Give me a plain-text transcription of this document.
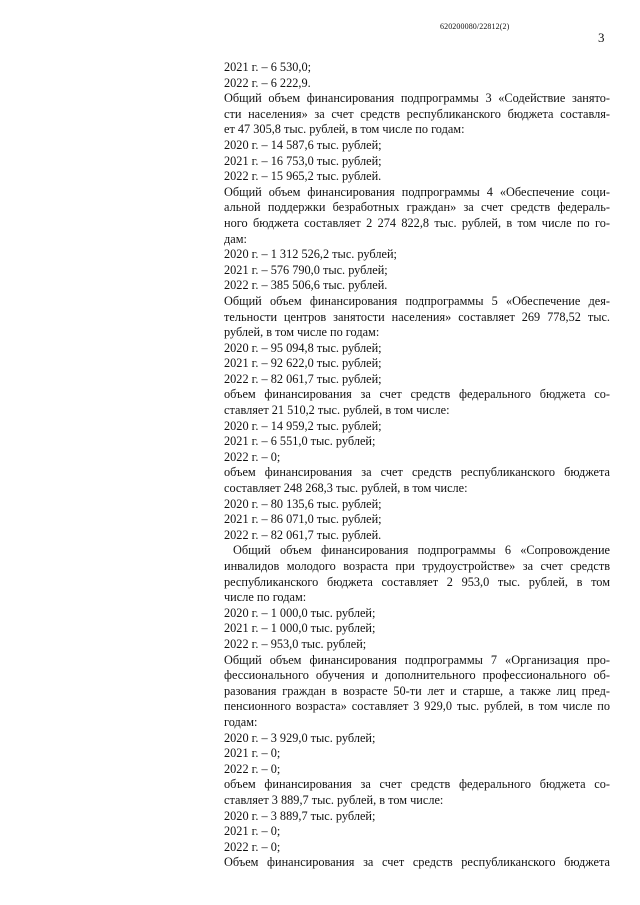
620200080/22812(2)
3
2021 г. – 6 530,0;
2022 г. – 6 222,9.
Общий объем финансирования подпрограммы 3 «Содействие занято-
сти населения» за счет средств республиканского бюджета составля-
ет 47 305,8 тыс. рублей, в том числе по годам:
2020 г. – 14 587,6 тыс. рублей;
2021 г. – 16 753,0 тыс. рублей;
2022 г. – 15 965,2 тыс. рублей.
Общий объем финансирования подпрограммы 4 «Обеспечение соци-
альной поддержки безработных граждан» за счет средств федераль-
ного бюджета составляет 2 274 822,8 тыс. рублей, в том числе по го-
дам:
2020 г. – 1 312 526,2 тыс. рублей;
2021 г. – 576 790,0 тыс. рублей;
2022 г. – 385 506,6 тыс. рублей.
Общий объем финансирования подпрограммы 5 «Обеспечение дея-
тельности центров занятости населения» составляет 269 778,52 тыс.
рублей, в том числе по годам:
2020 г. – 95 094,8 тыс. рублей;
2021 г. – 92 622,0 тыс. рублей;
2022 г. – 82 061,7 тыс. рублей;
объем финансирования за счет средств федерального бюджета со-
ставляет 21 510,2 тыс. рублей, в том числе:
2020 г. – 14 959,2 тыс. рублей;
2021 г. – 6 551,0 тыс. рублей;
2022 г. – 0;
объем финансирования за счет средств республиканского бюджета
составляет 248 268,3 тыс. рублей, в том числе:
2020 г. – 80 135,6 тыс. рублей;
2021 г. – 86 071,0 тыс. рублей;
2022 г. – 82 061,7 тыс. рублей.
Общий объем финансирования подпрограммы 6 «Сопровождение
инвалидов молодого возраста при трудоустройстве» за счет средств
республиканского бюджета составляет 2 953,0 тыс. рублей, в том
числе по годам:
2020 г. – 1 000,0 тыс. рублей;
2021 г. – 1 000,0 тыс. рублей;
2022 г. – 953,0 тыс. рублей;
Общий объем финансирования подпрограммы 7 «Организация про-
фессионального обучения и дополнительного профессионального об-
разования граждан в возрасте 50-ти лет и старше, а также лиц пред-
пенсионного возраста» составляет 3 929,0 тыс. рублей, в том числе по
годам:
2020 г. – 3 929,0 тыс. рублей;
2021 г. – 0;
2022 г. – 0;
объем финансирования за счет средств федерального бюджета со-
ставляет 3 889,7 тыс. рублей, в том числе:
2020 г. – 3 889,7 тыс. рублей;
2021 г. – 0;
2022 г. – 0;
Объем финансирования за счет средств республиканского бюджета
